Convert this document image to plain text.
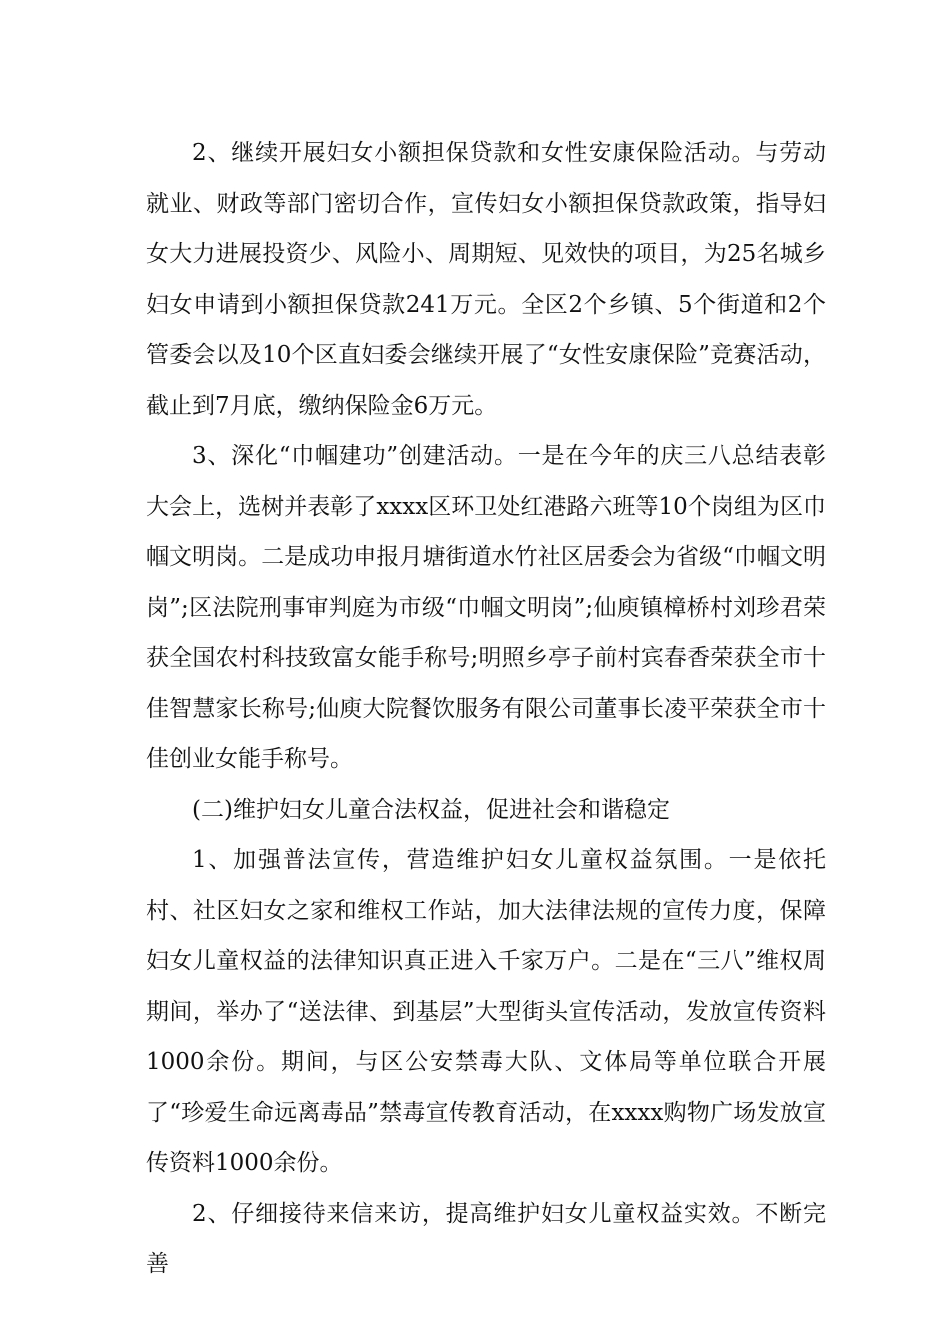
2、继续开展妇女小额担保贷款和女性安康保险活动。与劳动就业、财政等部门密切合作，宣传妇女小额担保贷款政策，指导妇女大力进展投资少、风险小、周期短、见效快的项目，为25名城乡妇女申请到小额担保贷款241万元。全区2个乡镇、5个街道和2个管委会以及10个区直妇委会继续开展了“女性安康保险”竞赛活动，截止到7月底，缴纳保险金6万元。

3、深化“巾帼建功”创建活动。一是在今年的庆三八总结表彰大会上，选树并表彰了xxxx区环卫处红港路六班等10个岗组为区巾帼文明岗。二是成功申报月塘街道水竹社区居委会为省级“巾帼文明岗”;区法院刑事审判庭为市级“巾帼文明岗”;仙庾镇樟桥村刘珍君荣获全国农村科技致富女能手称号;明照乡亭子前村宾春香荣获全市十佳智慧家长称号;仙庾大院餐饮服务有限公司董事长凌平荣获全市十佳创业女能手称号。

(二)维护妇女儿童合法权益，促进社会和谐稳定

1、加强普法宣传，营造维护妇女儿童权益氛围。一是依托村、社区妇女之家和维权工作站，加大法律法规的宣传力度，保障妇女儿童权益的法律知识真正进入千家万户。二是在“三八”维权周期间，举办了“送法律、到基层”大型街头宣传活动，发放宣传资料1000余份。期间，与区公安禁毒大队、文体局等单位联合开展了“珍爱生命远离毒品”禁毒宣传教育活动，在xxxx购物广场发放宣传资料1000余份。

2、仔细接待来信来访，提高维护妇女儿童权益实效。不断完善
